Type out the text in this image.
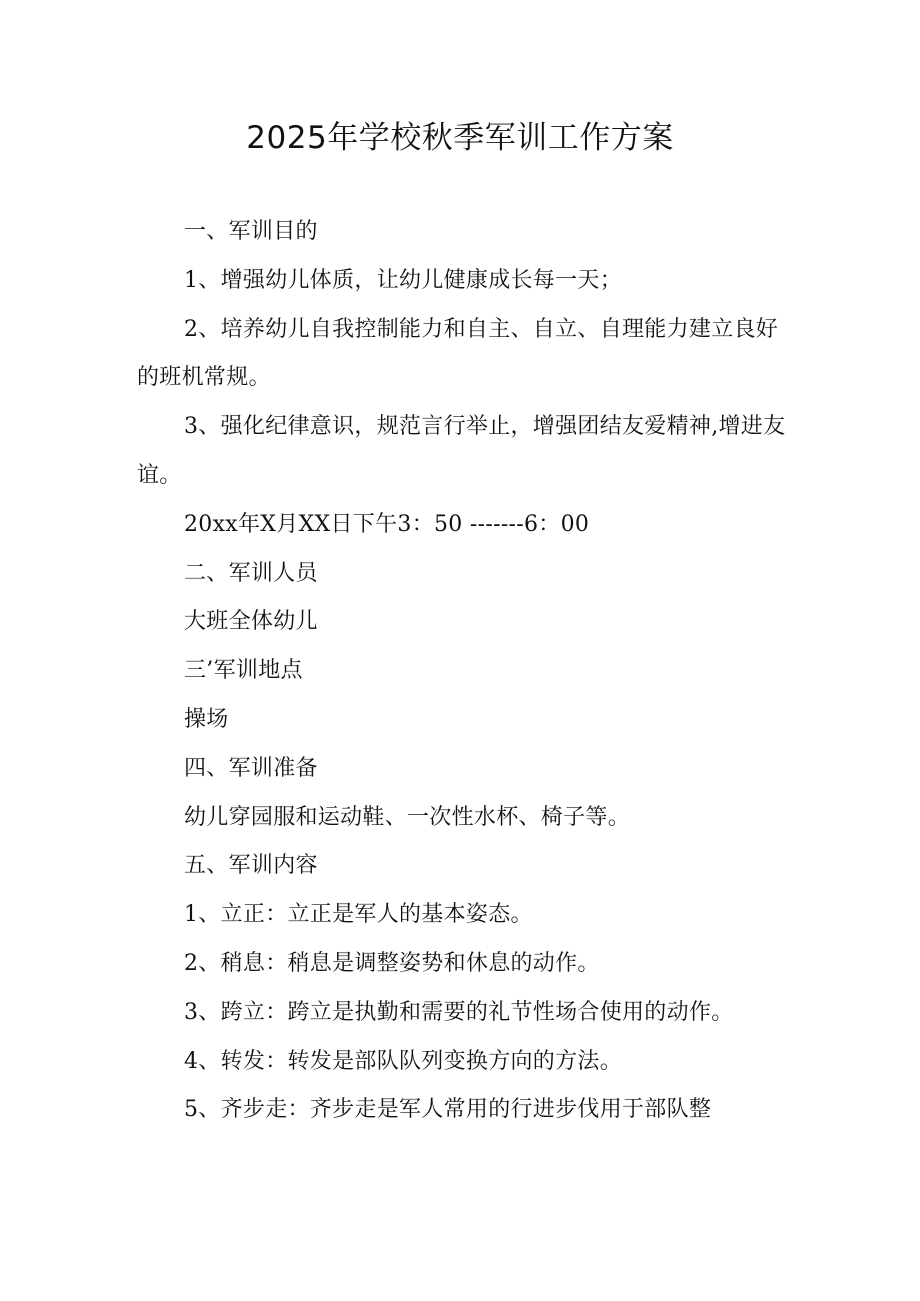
2025年学校秋季军训工作方案

一、军训目的

1、增强幼儿体质，让幼儿健康成长每一天；

2、培养幼儿自我控制能力和自主、自立、自理能力建立良好的班机常规。

3、强化纪律意识，规范言行举止，增强团结友爱精神,增进友谊。

20xx年X月XX日下午3：50 -------6：00

二、军训人员

大班全体幼儿

三’军训地点

操场

四、军训准备

幼儿穿园服和运动鞋、一次性水杯、椅子等。

五、军训内容

1、立正：立正是军人的基本姿态。

2、稍息：稍息是调整姿势和休息的动作。

3、跨立：跨立是执勤和需要的礼节性场合使用的动作。

4、转发：转发是部队队列变换方向的方法。

5、齐步走：齐步走是军人常用的行进步伐用于部队整
